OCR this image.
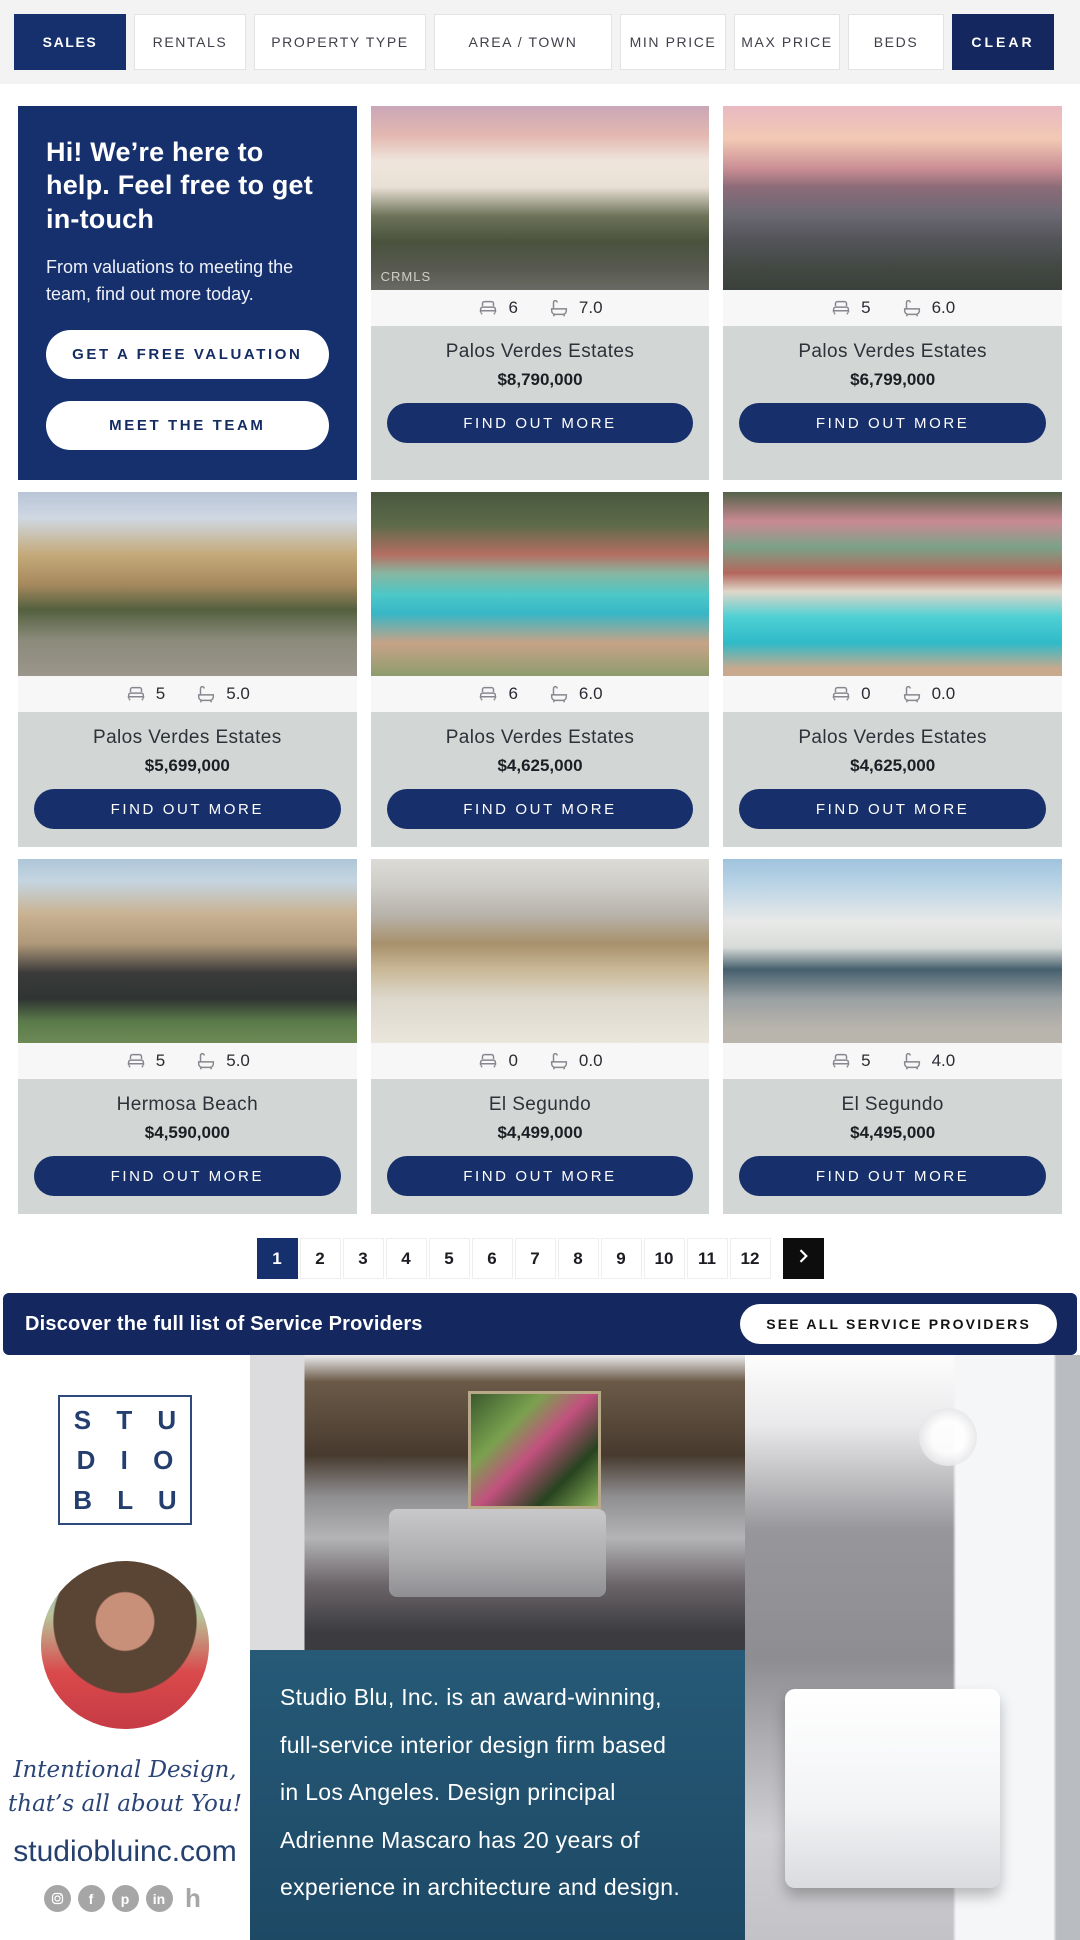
SALES	RENTALS	PROPERTY TYPE	AREA / TOWN	MIN PRICE	MAX PRICE	BEDS	CLEAR
Hi! We’re here to help. Feel free to get in-touch

From valuations to meeting the team, find out more today.

GET A FREE VALUATION
MEET THE TEAM
CRMLS
6	7.0
Palos Verdes Estates
$8,790,000
FIND OUT MORE
5	6.0
Palos Verdes Estates
$6,799,000
FIND OUT MORE
5	5.0
Palos Verdes Estates
$5,699,000
FIND OUT MORE
6	6.0
Palos Verdes Estates
$4,625,000
FIND OUT MORE
0	0.0
Palos Verdes Estates
$4,625,000
FIND OUT MORE
5	5.0
Hermosa Beach
$4,590,000
FIND OUT MORE
0	0.0
El Segundo
$4,499,000
FIND OUT MORE
5	4.0
El Segundo
$4,495,000
FIND OUT MORE
1	2	3	4	5	6	7	8	9	10	11	12
Discover the full list of Service Providers	SEE ALL SERVICE PROVIDERS
S T U
D I O
B L U
Intentional Design,
that’s all about You!
studiobluinc.com
f	p	in h
Studio Blu, Inc. is an award-winning,
full-service interior design firm based
in Los Angeles. Design principal
Adrienne Mascaro has 20 years of
experience in architecture and design.
